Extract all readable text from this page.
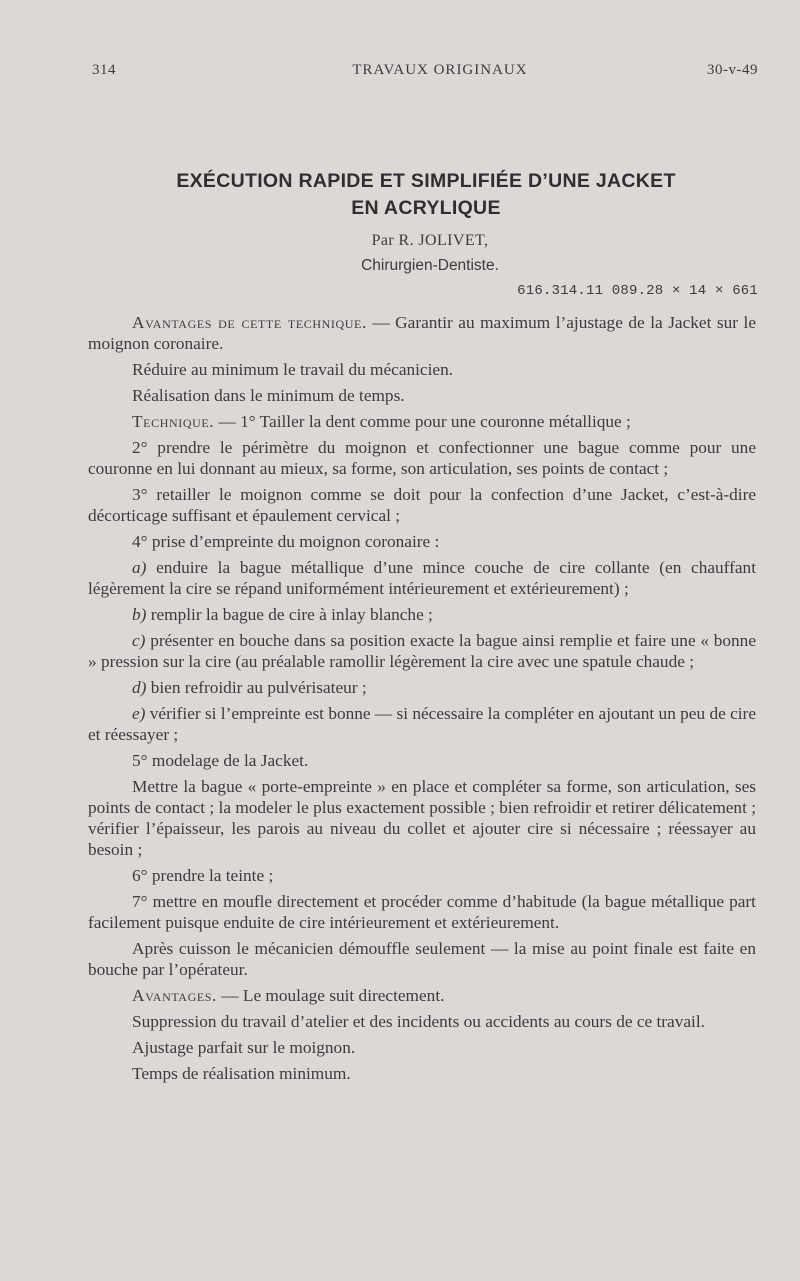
314	TRAVAUX ORIGINAUX	30-v-49
EXÉCUTION RAPIDE ET SIMPLIFIÉE D’UNE JACKET
EN ACRYLIQUE
Par R. JOLIVET,
Chirurgien-Dentiste.
616.314.11 089.28 × 14 × 661

Avantages de cette technique. — Garantir au maximum l’ajustage de la Jacket sur le moignon coronaire.

Réduire au minimum le travail du mécanicien.

Réalisation dans le minimum de temps.

Technique. — 1° Tailler la dent comme pour une couronne métallique ;

2° prendre le périmètre du moignon et confectionner une bague comme pour une couronne en lui donnant au mieux, sa forme, son articulation, ses points de contact ;

3° retailler le moignon comme se doit pour la confection d’une Jacket, c’est-à-dire décorticage suffisant et épaulement cervical ;

4° prise d’empreinte du moignon coronaire :

a) enduire la bague métallique d’une mince couche de cire collante (en chauffant légèrement la cire se répand uniformément intérieurement et extérieurement) ;

b) remplir la bague de cire à inlay blanche ;

c) présenter en bouche dans sa position exacte la bague ainsi remplie et faire une « bonne » pression sur la cire (au préalable ramollir légèrement la cire avec une spatule chaude ;

d) bien refroidir au pulvérisateur ;

e) vérifier si l’empreinte est bonne — si nécessaire la compléter en ajoutant un peu de cire et réessayer ;

5° modelage de la Jacket.

Mettre la bague « porte-empreinte » en place et compléter sa forme, son articulation, ses points de contact ; la modeler le plus exactement possible ; bien refroidir et retirer délicatement ; vérifier l’épaisseur, les parois au niveau du collet et ajouter cire si nécessaire ; réessayer au besoin ;

6° prendre la teinte ;

7° mettre en moufle directement et procéder comme d’habitude (la bague métallique part facilement puisque enduite de cire intérieurement et extérieurement.

Après cuisson le mécanicien démouffle seulement — la mise au point finale est faite en bouche par l’opérateur.

Avantages. — Le moulage suit directement.

Suppression du travail d’atelier et des incidents ou accidents au cours de ce travail.

Ajustage parfait sur le moignon.

Temps de réalisation minimum.
